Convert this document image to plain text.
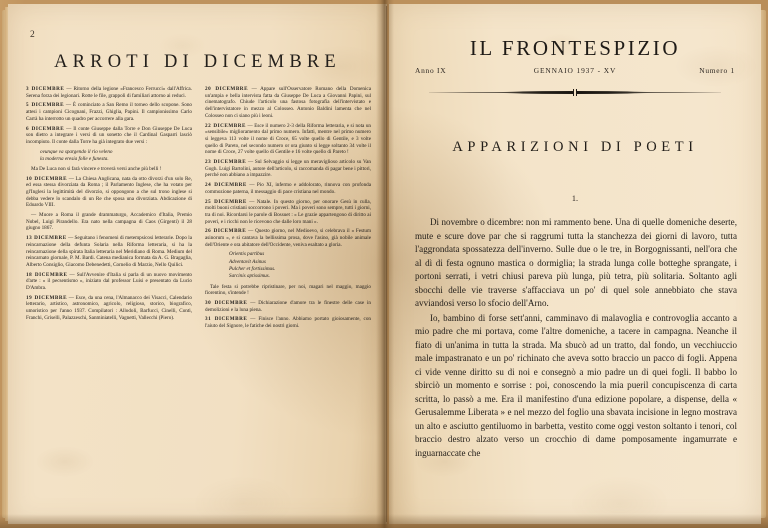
2
ARROTI DI DICEMBRE

3 DICEMBRE — Ritorno della legione «Francesco Ferrucci» dall'Affrica. Serena forza dei legionari. Rotte le file, grappoli di familiari attorno ai reduci.

5 DICEMBRE — È cominciato a San Remo il torneo dello scopone. Sono attesi i campioni Cicognani, Frazzi, Ghiglia, Papini. Il campionissimo Carlo Carrà ha interrotto un quadro per accorrere alla gara.

6 DICEMBRE — Il conte Giuseppe dalla Torre e Don Giuseppe De Luca son dietro a integrare i versi di un sonetto che il Cardinal Gasparri lasciò incompiuto. Il conte dalla Torre ha già integrato due versi :

ovunque va spargendo il rio veleno
la moderna eresia folle e funesta.

Ma De Luca non si farà vincere e troverà versi anche più belli !

10 DICEMBRE — La Chiesa Anglicana, nata da otto divorzi d'un solo Re, ed essa stessa divorziata da Roma ; il Parlamento Inglese, che ha votato per gl'Inglesi la legittimità del divorzio, si oppongono a che sul trono inglese si debba vedere lo scandalo di un Re che sposa una divorziata. Abdicazione di Edoardo VIII.

— Muore a Roma il grande drammaturgo, Accademico d'Italia, Premio Nobel, Luigi Pirandello. Era nato nella campagna di Caos (Girgenti) il 28 giugno 1867.

13 DICEMBRE — Seguitano i fenomeni di metempsicosi letterarie. Dopo la reincarnazione della defunta Solaria nella Riforma letteraria, si ha la reincarnazione della spirata Italia letteraria nel Meridiano di Roma. Medium del reincarnato giornale, P. M. Bardi. Catena medianica formata da A. G. Bragaglia, Alberto Consiglio, Giacomo Debenedetti, Cornelio di Marzio, Nello Quilici.

18 DICEMBRE — Sull'Avvenire d'Italia si parla di un nuovo movimento d'arte : « il pecsentismo », iniziato dal professor Luisi e presentato da Lucio D'Ambra.

19 DICEMBRE — Esce, da una cena, l'Almanacco dei Visacci, Calendario letterario, artistico, astronomico, agricolo, religioso, storico, biografico, umoristico per l'anno 1937. Compilatori : Allodoli, Barfucci, Cinelli, Conti, Franchi, Griselli, Palazzeschi, Sanminiatelli, Vagnetti, Vallecchi (Piero).

20 DICEMBRE — Appare sull'Osservatore Romano della Domenica un'ampia e bella intervista fatta da Giuseppe De Luca a Giovanni Papini, sul cinematografo. Chiude l'articolo una fastosa fotografia dell'intervistato e dell'intervistatore in mezzo al Colosseo. Antonio Baldini lamenta che nel Colosseo non ci siano più i leoni.

22 DICEMBRE — Esce il numero 2-3 della Riforma letteraria, e si nota un «sensibile» miglioramento dal primo numero. Infatti, mentre nel primo numero si leggeva 113 volte il nome di Croce, 65 volte quello di Gentile, e 3 volte quello di Pareto, nel secondo numero or ora giunto si legge soltanto 34 volte il nome di Croce, 27 volte quello di Gentile e 16 volte quello di Pareto !

23 DICEMBRE — Sul Selvaggio si legge un meraviglioso articolo su Van Gogh. Luigi Bartolini, autore dell'articolo, si raccomanda di pagar bene i pittori, perché non abbiano a impazzire.

24 DICEMBRE — Pio XI, infermo e addolorato, rinnova con profonda commozione paterna, il messaggio di pace cristiana nel mondo.

25 DICEMBRE — Natale. In questo giorno, per onorare Gesù in culla, molti buoni cristiani soccorrono i poveri. Ma i poveri sono sempre, tutti i giorni, tra di noi. Ricordarsi le parole di Bossuet : « Le grazie appartengono di diritto ai poveri, e i ricchi non le ricevono che dalle loro mani ».

26 DICEMBRE — Questo giorno, nel Medioevo, si celebrava il « Festum asinorum », e si cantava la bellissima prosa, dove l'asino, già nobile animale dell'Oriente e ora abitatore dell'Occidente, veniva esaltato a gloria.

Orientis partibus
Adventavit Asinus
Pulcher et fortissimus.
Sarcinis aptissimus.

Tale festa si potrebbe ripristinare, per noi, magari nel maggio, maggio fiorentino, s'intende !

30 DICEMBRE — Dichiarazione d'amore tra le finestre delle case in demolizioni e la luna piena.

31 DICEMBRE — Finisce l'anno. Abbiamo portato gioiosamente, con l'aiuto del Signore, le fatiche dei nostri giorni.

IL FRONTESPIZIO
Anno IX	GENNAIO 1937 - XV	Numero 1
APPARIZIONI DI POETI
1.

Di novembre o dicembre: non mi rammento bene. Una di quelle domeniche deserte, mute e scure dove par che si raggrumi tutta la stanchezza dei giorni di lavoro, tutta l'aggrondata spossatezza dell'inverno. Sulle due o le tre, in Borgognissanti, nell'ora che al dì di festa ognuno mastica o dormiglia; la strada lunga colle botteghe sprangate, i portoni serrati, i vetri chiusi pareva più lunga, più tetra, più solitaria. Soltanto agli sbocchi delle vie traverse s'affacciava un po' di quel sole annebbiato che stava avviandosi verso lo sfocio dell'Arno.

Io, bambino di forse sett'anni, camminavo di malavoglia e controvoglia accanto a mio padre che mi portava, come l'altre domeniche, a tacere in campagna. Neanche il fiato di un'anima in tutta la strada. Ma sbucò ad un tratto, dal fondo, un vecchiuccio male impastranato e un po' richinato che aveva sotto braccio un pacco di fogli. Appena ci vide venne diritto su di noi e consegnò a mio padre un di quei fogli. Il babbo lo sbirciò un momento e sorrise : poi, conoscendo la mia pueril concupiscenza di carta scritta, lo passò a me. Era il manifestino d'una edizione popolare, a dispense, della « Gerusalemme Liberata » e nel mezzo del foglio una sbavata incisione in legno mostrava un alto e asciutto gentiluomo in barbetta, vestito come oggi veston soltanto i tenori, col braccio destro alzato verso un crocchio di dame pomposamente ingamurrate e inguarnaccate che
